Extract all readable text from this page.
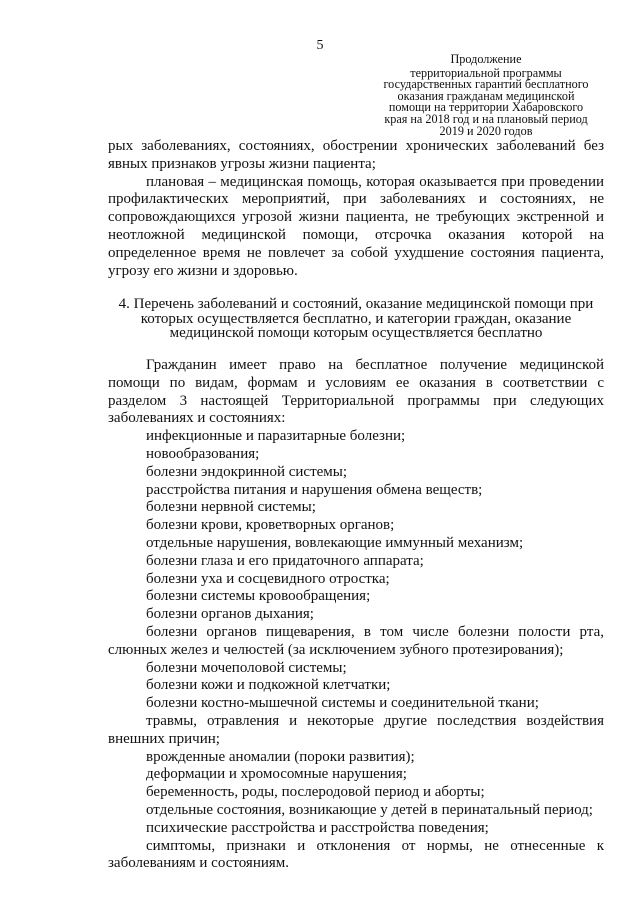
5
Продолжение
территориальной программы
государственных гарантий бесплатного
оказания гражданам медицинской
помощи на территории Хабаровского
края на 2018 год и на плановый период
2019 и 2020 годов

рых заболеваниях, состояниях, обострении хронических заболеваний без явных признаков угрозы жизни пациента;

плановая – медицинская помощь, которая оказывается при проведении профилактических мероприятий, при заболеваниях и состояниях, не сопровождающихся угрозой жизни пациента, не требующих экстренной и неотложной медицинской помощи, отсрочка оказания которой на определенное время не повлечет за собой ухудшение состояния пациента, угрозу его жизни и здоровью.

4. Перечень заболеваний и состояний, оказание медицинской помощи при которых осуществляется бесплатно, и категории граждан, оказание медицинской помощи которым осуществляется бесплатно

Гражданин имеет право на бесплатное получение медицинской помощи по видам, формам и условиям ее оказания в соответствии с разделом 3 настоящей Территориальной программы при следующих заболеваниях и состояниях:

инфекционные и паразитарные болезни;

новообразования;

болезни эндокринной системы;

расстройства питания и нарушения обмена веществ;

болезни нервной системы;

болезни крови, кроветворных органов;

отдельные нарушения, вовлекающие иммунный механизм;

болезни глаза и его придаточного аппарата;

болезни уха и сосцевидного отростка;

болезни системы кровообращения;

болезни органов дыхания;

болезни органов пищеварения, в том числе болезни полости рта, слюнных желез и челюстей (за исключением зубного протезирования);

болезни мочеполовой системы;

болезни кожи и подкожной клетчатки;

болезни костно-мышечной системы и соединительной ткани;

травмы, отравления и некоторые другие последствия воздействия внешних причин;

врожденные аномалии (пороки развития);

деформации и хромосомные нарушения;

беременность, роды, послеродовой период и аборты;

отдельные состояния, возникающие у детей в перинатальный период;

психические расстройства и расстройства поведения;

симптомы, признаки и отклонения от нормы, не отнесенные к заболеваниям и состояниям.
